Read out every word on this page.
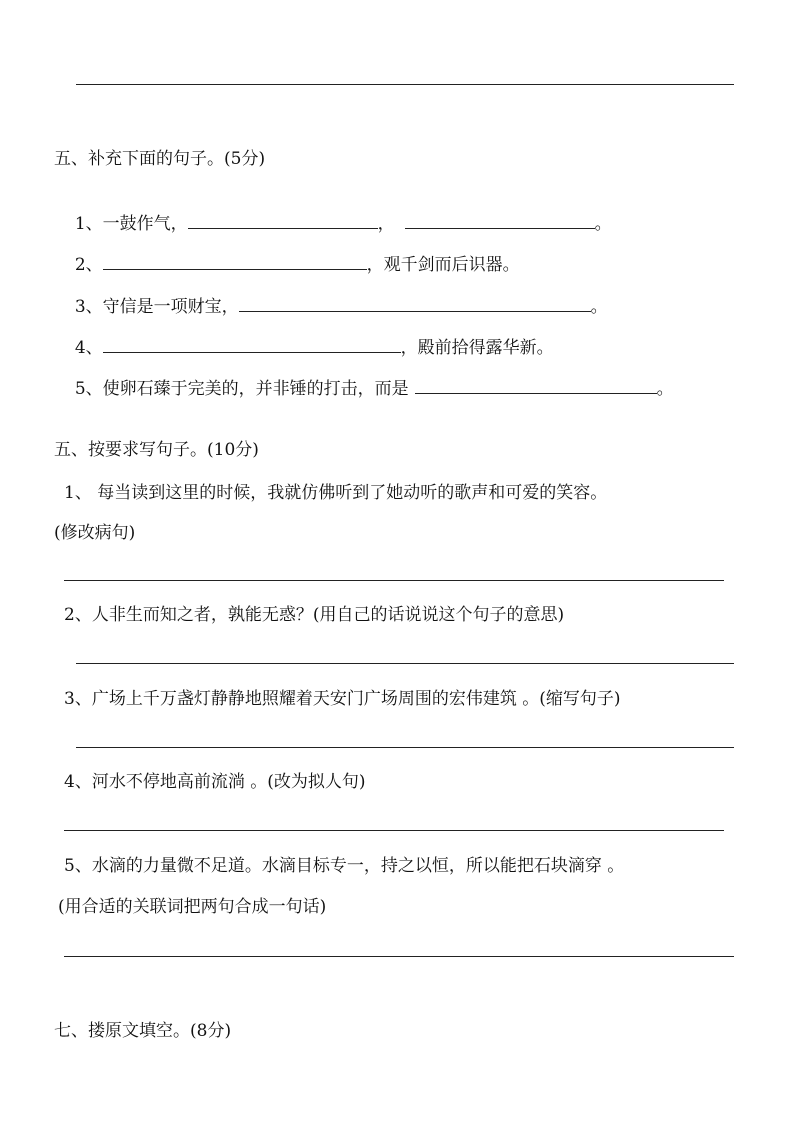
五、补充下面的句子。(5分)

1、一鼓作气，	，	。

2、	，观千剑而后识器。

3、守信是一项财宝，	。

4、	，殿前拾得露华新。

5、使卵石臻于完美的，并非锤的打击，而是	。

五、按要求写句子。(10分)
1、 每当读到这里的时候，我就仿佛听到了她动听的歌声和可爱的笑容。
(修改病句)
2、人非生而知之者，孰能无惑？(用自己的话说说这个句子的意思)
3、广场上千万盏灯静静地照耀着天安门广场周围的宏伟建筑 。(缩写句子)
4、河水不停地高前流淌 。(改为拟人句)
5、水滴的力量微不足道。水滴目标专一，持之以恒，所以能把石块滴穿 。
(用合适的关联词把两句合成一句话)
七、搂原文填空。(8分)
